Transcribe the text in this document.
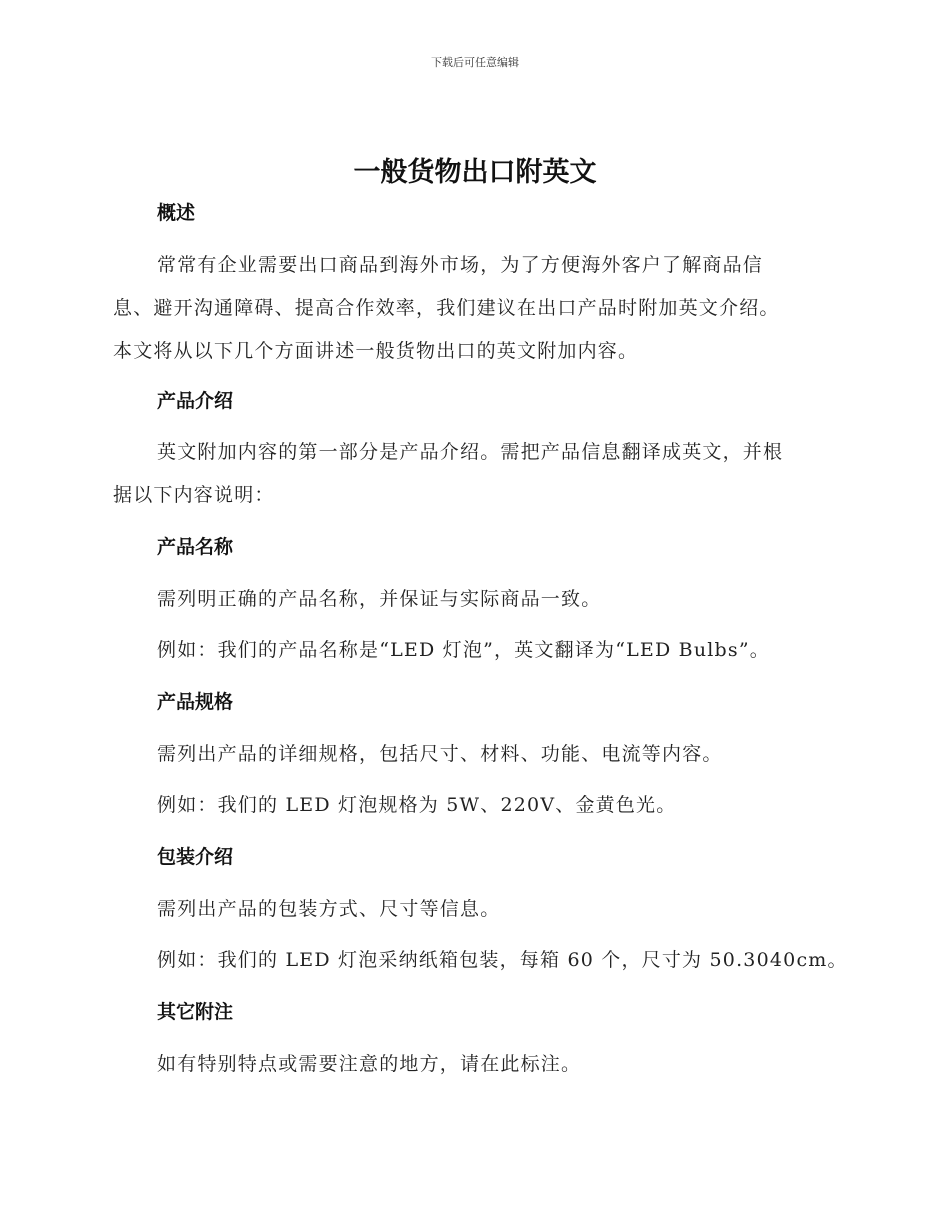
下载后可任意编辑
一般货物出口附英文
概述
常常有企业需要出口商品到海外市场，为了方便海外客户了解商品信
息、避开沟通障碍、提高合作效率，我们建议在出口产品时附加英文介绍。
本文将从以下几个方面讲述一般货物出口的英文附加内容。
产品介绍
英文附加内容的第一部分是产品介绍。需把产品信息翻译成英文，并根
据以下内容说明：
产品名称
需列明正确的产品名称，并保证与实际商品一致。
例如：我们的产品名称是“LED 灯泡”，英文翻译为“LED Bulbs”。
产品规格
需列出产品的详细规格，包括尺寸、材料、功能、电流等内容。
例如：我们的 LED 灯泡规格为 5W、220V、金黄色光。
包装介绍
需列出产品的包装方式、尺寸等信息。
例如：我们的 LED 灯泡采纳纸箱包装，每箱 60 个，尺寸为 50.3040cm。
其它附注
如有特别特点或需要注意的地方，请在此标注。
